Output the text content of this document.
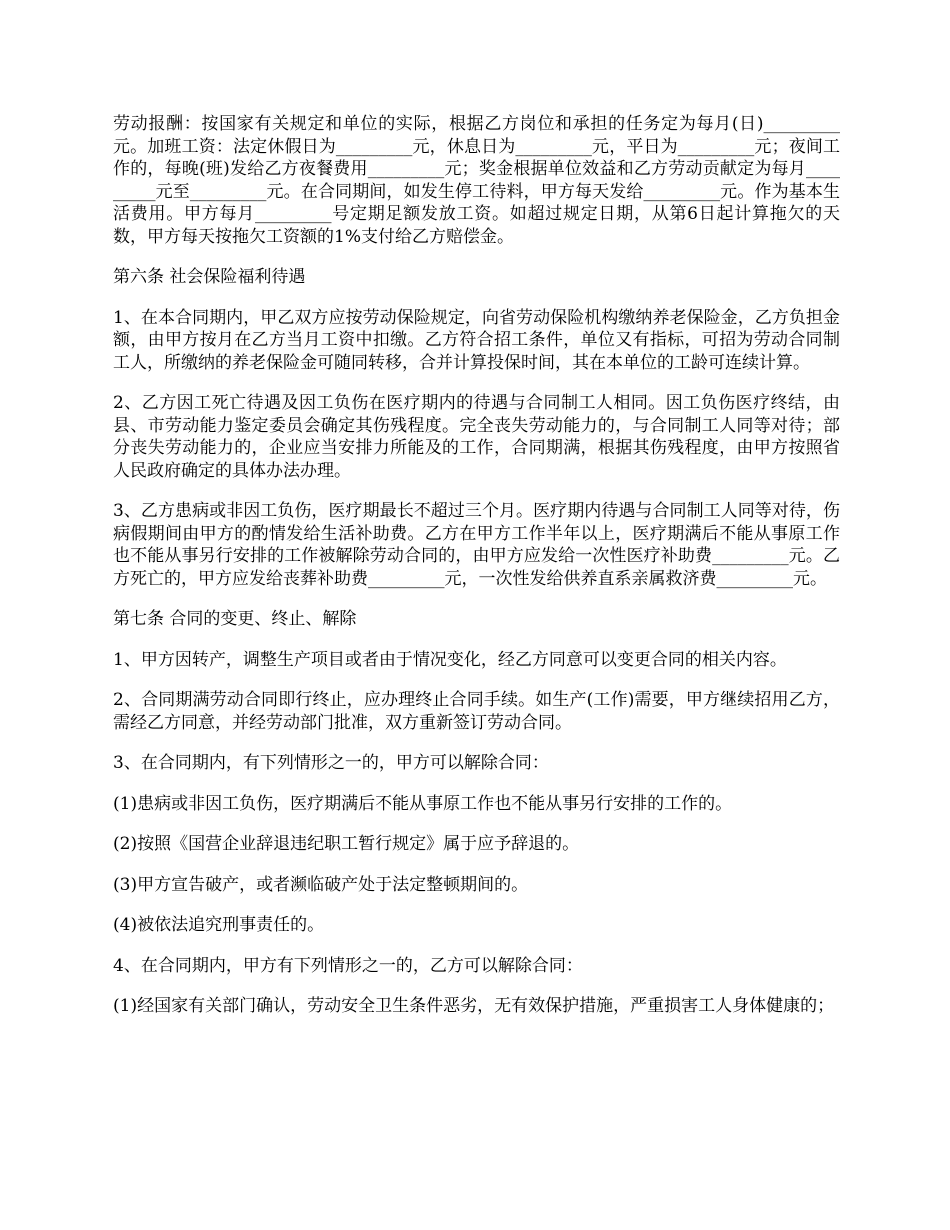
劳动报酬：按国家有关规定和单位的实际，根据乙方岗位和承担的任务定为每月(日)_________元。加班工资：法定休假日为_________元，休息日为_________元，平日为_________元；夜间工作的，每晚(班)发给乙方夜餐费用_________元；奖金根据单位效益和乙方劳动贡献定为每月_________元至_________元。在合同期间，如发生停工待料，甲方每天发给_________元。作为基本生活费用。甲方每月_________号定期足额发放工资。如超过规定日期，从第6日起计算拖欠的天数，甲方每天按拖欠工资额的1%支付给乙方赔偿金。

第六条 社会保险福利待遇

1、在本合同期内，甲乙双方应按劳动保险规定，向省劳动保险机构缴纳养老保险金，乙方负担金额，由甲方按月在乙方当月工资中扣缴。乙方符合招工条件，单位又有指标，可招为劳动合同制工人，所缴纳的养老保险金可随同转移，合并计算投保时间，其在本单位的工龄可连续计算。

2、乙方因工死亡待遇及因工负伤在医疗期内的待遇与合同制工人相同。因工负伤医疗终结，由县、市劳动能力鉴定委员会确定其伤残程度。完全丧失劳动能力的，与合同制工人同等对待；部分丧失劳动能力的，企业应当安排力所能及的工作，合同期满，根据其伤残程度，由甲方按照省人民政府确定的具体办法办理。

3、乙方患病或非因工负伤，医疗期最长不超过三个月。医疗期内待遇与合同制工人同等对待，伤病假期间由甲方的酌情发给生活补助费。乙方在甲方工作半年以上，医疗期满后不能从事原工作也不能从事另行安排的工作被解除劳动合同的，由甲方应发给一次性医疗补助费_________元。乙方死亡的，甲方应发给丧葬补助费_________元，一次性发给供养直系亲属救济费_________元。

第七条 合同的变更、终止、解除

1、甲方因转产，调整生产项目或者由于情况变化，经乙方同意可以变更合同的相关内容。

2、合同期满劳动合同即行终止，应办理终止合同手续。如生产(工作)需要，甲方继续招用乙方，需经乙方同意，并经劳动部门批准，双方重新签订劳动合同。

3、在合同期内，有下列情形之一的，甲方可以解除合同：

(1)患病或非因工负伤，医疗期满后不能从事原工作也不能从事另行安排的工作的。

(2)按照《国营企业辞退违纪职工暂行规定》属于应予辞退的。

(3)甲方宣告破产，或者濒临破产处于法定整顿期间的。

(4)被依法追究刑事责任的。

4、在合同期内，甲方有下列情形之一的，乙方可以解除合同：

(1)经国家有关部门确认，劳动安全卫生条件恶劣，无有效保护措施，严重损害工人身体健康的；
